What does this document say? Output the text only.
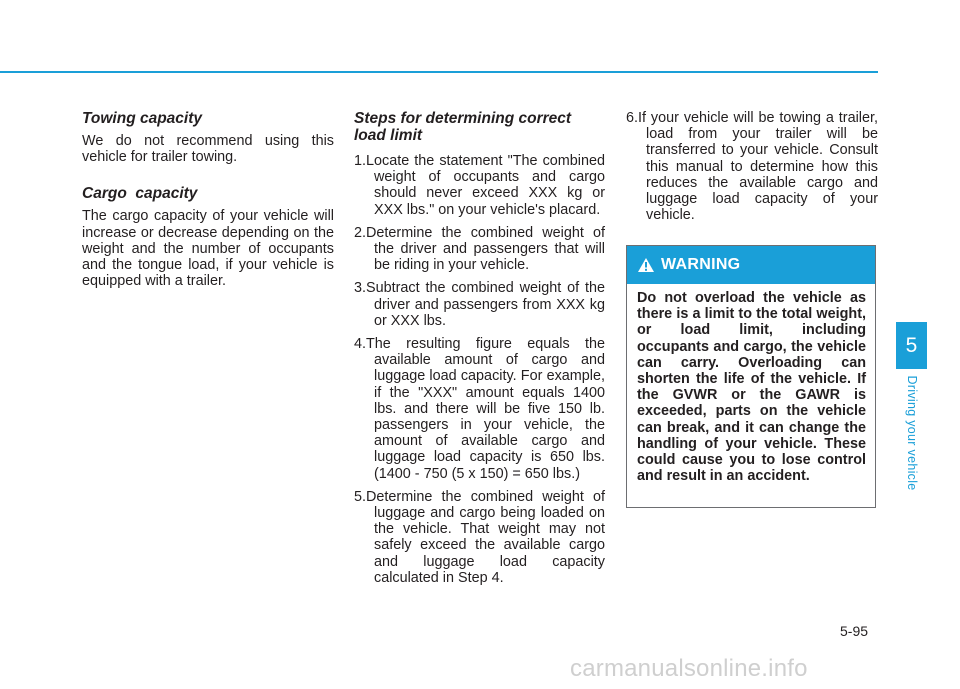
Towing capacity

We do not recommend using this vehicle for trailer towing.

Cargo  capacity

The cargo capacity of your vehicle will increase or decrease depending on the weight and the number of occupants and the tongue load, if your vehicle is equipped with a trailer.

Steps for determining correct load limit
1.Locate the statement "The combined weight of occupants and cargo should never exceed XXX kg or XXX lbs." on your vehicle's placard.
2.Determine the combined weight of the driver and passengers that will be riding in your vehicle.
3.Subtract the combined weight of the driver and passengers from XXX kg or XXX lbs.
4.The resulting figure equals the available amount of cargo and luggage load capacity. For example, if the "XXX" amount equals 1400 lbs. and there will be five 150 lb. passengers in your vehicle, the amount of available cargo and luggage load capacity is 650 lbs. (1400 - 750 (5 x 150) = 650 lbs.)
5.Determine the combined weight of luggage and cargo being loaded on the vehicle. That weight may not safely exceed the available cargo and luggage load capacity calculated in Step 4.
6.If your vehicle will be towing a trailer, load from your trailer will be transferred to your vehicle. Consult this manual to determine how this reduces the available cargo and luggage load capacity of your vehicle.
WARNING
Do not overload the vehicle as there is a limit to the total weight, or load limit, including occupants and cargo, the vehicle can carry. Overloading can shorten the life of the vehicle. If the GVWR or the GAWR is exceeded, parts on the vehicle can break, and it can change the handling of your vehicle. These could cause you to lose control and result in an accident.
5
Driving your vehicle
5-95
carmanualsonline.info
